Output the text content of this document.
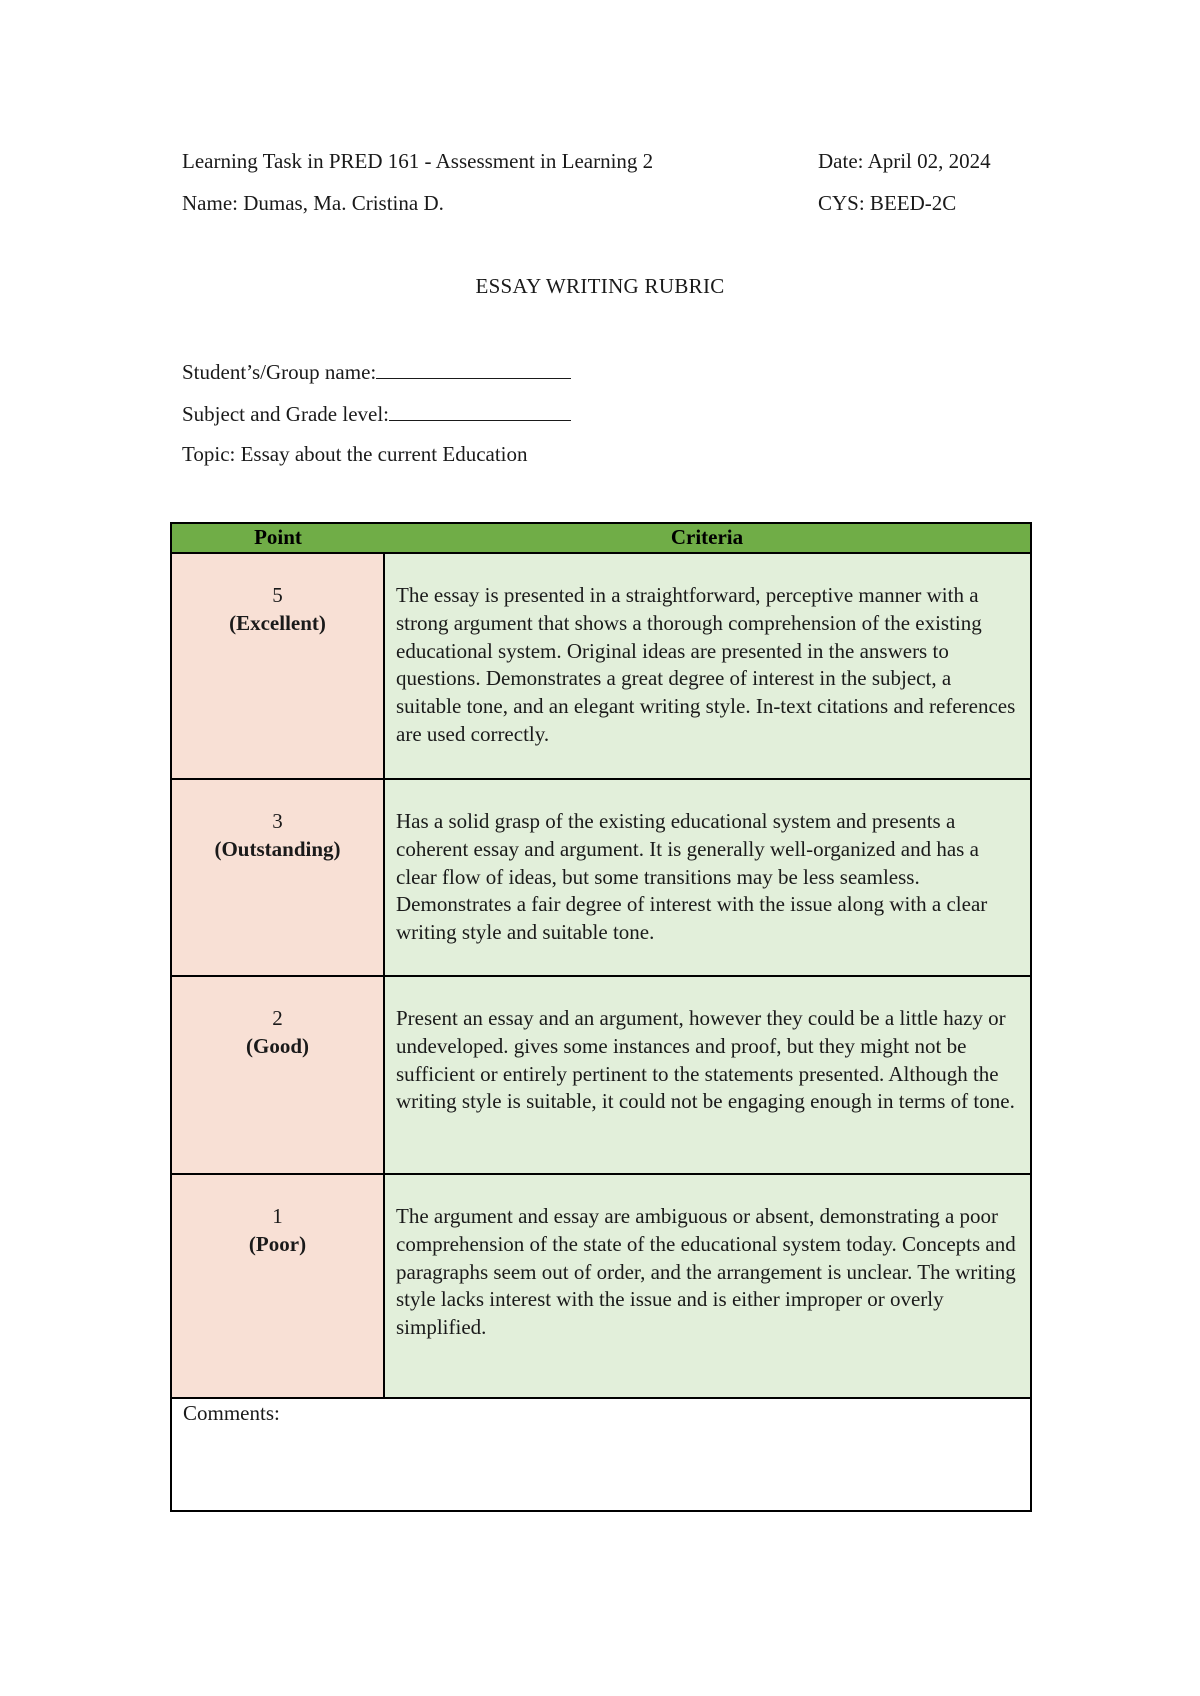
Learning Task in PRED 161 - Assessment in Learning 2	Date: April 02, 2024
Name: Dumas, Ma. Cristina D.	CYS: BEED-2C
ESSAY WRITING RUBRIC
Student’s/Group name:
Subject and Grade level:
Topic: Essay about the current Education
Point	Criteria

5
(Excellent)	The essay is presented in a straightforward, perceptive manner with a strong argument that shows a thorough comprehension of the existing educational system. Original ideas are presented in the answers to questions. Demonstrates a great degree of interest in the subject, a suitable tone, and an elegant writing style. In-text citations and references are used correctly.

3
(Outstanding)	Has a solid grasp of the existing educational system and presents a coherent essay and argument. It is generally well-organized and has a clear flow of ideas, but some transitions may be less seamless. Demonstrates a fair degree of interest with the issue along with a clear writing style and suitable tone.

2
(Good)	Present an essay and an argument, however they could be a little hazy or undeveloped. gives some instances and proof, but they might not be sufficient or entirely pertinent to the statements presented. Although the writing style is suitable, it could not be engaging enough in terms of tone.

1
(Poor)	The argument and essay are ambiguous or absent, demonstrating a poor comprehension of the state of the educational system today. Concepts and paragraphs seem out of order, and the arrangement is unclear. The writing style lacks interest with the issue and is either improper or overly simplified.

Comments:	
